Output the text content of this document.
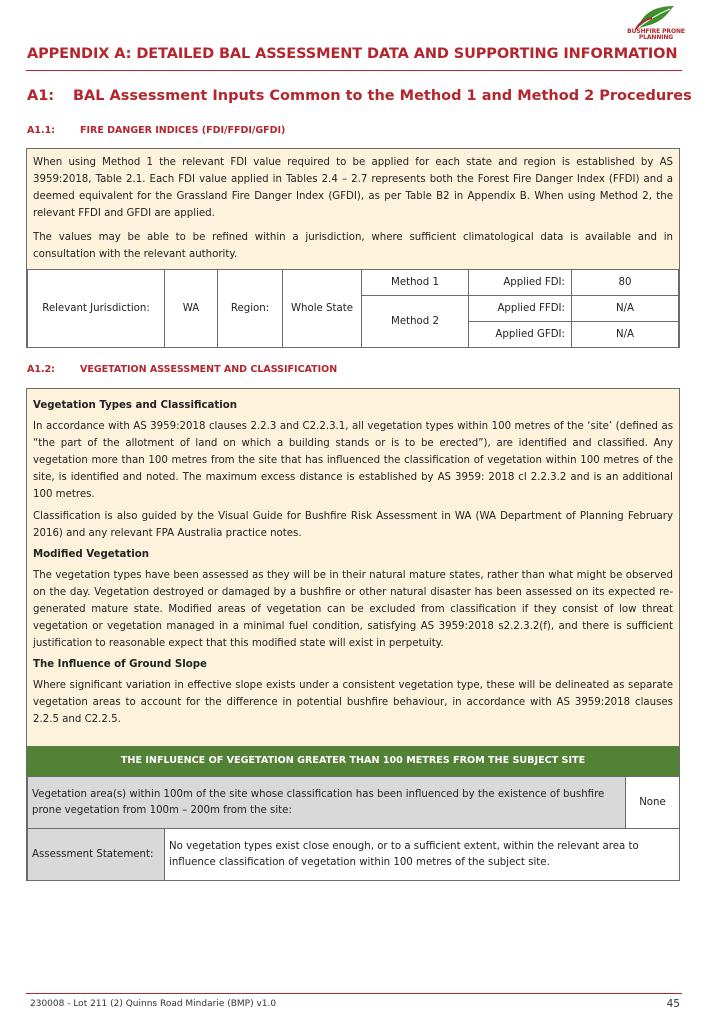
BUSHFIRE PRONE
PLANNING
APPENDIX A: DETAILED BAL ASSESSMENT DATA AND SUPPORTING INFORMATION
A1: BAL Assessment Inputs Common to the Method 1 and Method 2 Procedures
A1.1:	FIRE DANGER INDICES (FDI/FFDI/GFDI)

When using Method 1 the relevant FDI value required to be applied for each state and region is established by AS 3959:2018, Table 2.1. Each FDI value applied in Tables 2.4 – 2.7 represents both the Forest Fire Danger Index (FFDI) and a deemed equivalent for the Grassland Fire Danger Index (GFDI), as per Table B2 in Appendix B. When using Method 2, the relevant FFDI and GFDI are applied.

The values may be able to be refined within a jurisdiction, where sufficient climatological data is available and in consultation with the relevant authority.

Relevant Jurisdiction:	WA	Region:	Whole State	Method 1	Applied FDI:	80
				Method 2	Applied FFDI:	N/A
					Applied GFDI:	N/A
A1.2:	VEGETATION ASSESSMENT AND CLASSIFICATION

Vegetation Types and Classification

In accordance with AS 3959:2018 clauses 2.2.3 and C2.2.3.1, all vegetation types within 100 metres of the ‘site’ (defined as “the part of the allotment of land on which a building stands or is to be erected”), are identified and classified. Any vegetation more than 100 metres from the site that has influenced the classification of vegetation within 100 metres of the site, is identified and noted. The maximum excess distance is established by AS 3959: 2018 cl 2.2.3.2 and is an additional 100 metres.

Classification is also guided by the Visual Guide for Bushfire Risk Assessment in WA (WA Department of Planning February 2016) and any relevant FPA Australia practice notes.

Modified Vegetation

The vegetation types have been assessed as they will be in their natural mature states, rather than what might be observed on the day. Vegetation destroyed or damaged by a bushfire or other natural disaster has been assessed on its expected re-generated mature state. Modified areas of vegetation can be excluded from classification if they consist of low threat vegetation or vegetation managed in a minimal fuel condition, satisfying AS 3959:2018 s2.2.3.2(f), and there is sufficient justification to reasonable expect that this modified state will exist in perpetuity.

The Influence of Ground Slope

Where significant variation in effective slope exists under a consistent vegetation type, these will be delineated as separate vegetation areas to account for the difference in potential bushfire behaviour, in accordance with AS 3959:2018 clauses 2.2.5 and C2.2.5.

THE INFLUENCE OF VEGETATION GREATER THAN 100 METRES FROM THE SUBJECT SITE
Vegetation area(s) within 100m of the site whose classification has been influenced by the existence of bushfire prone vegetation from 100m – 200m from the site:		None
Assessment Statement:	No vegetation types exist close enough, or to a sufficient extent, within the relevant area to influence classification of vegetation within 100 metres of the subject site.	
230008 - Lot 211 (2) Quinns Road Mindarie (BMP) v1.0	45
